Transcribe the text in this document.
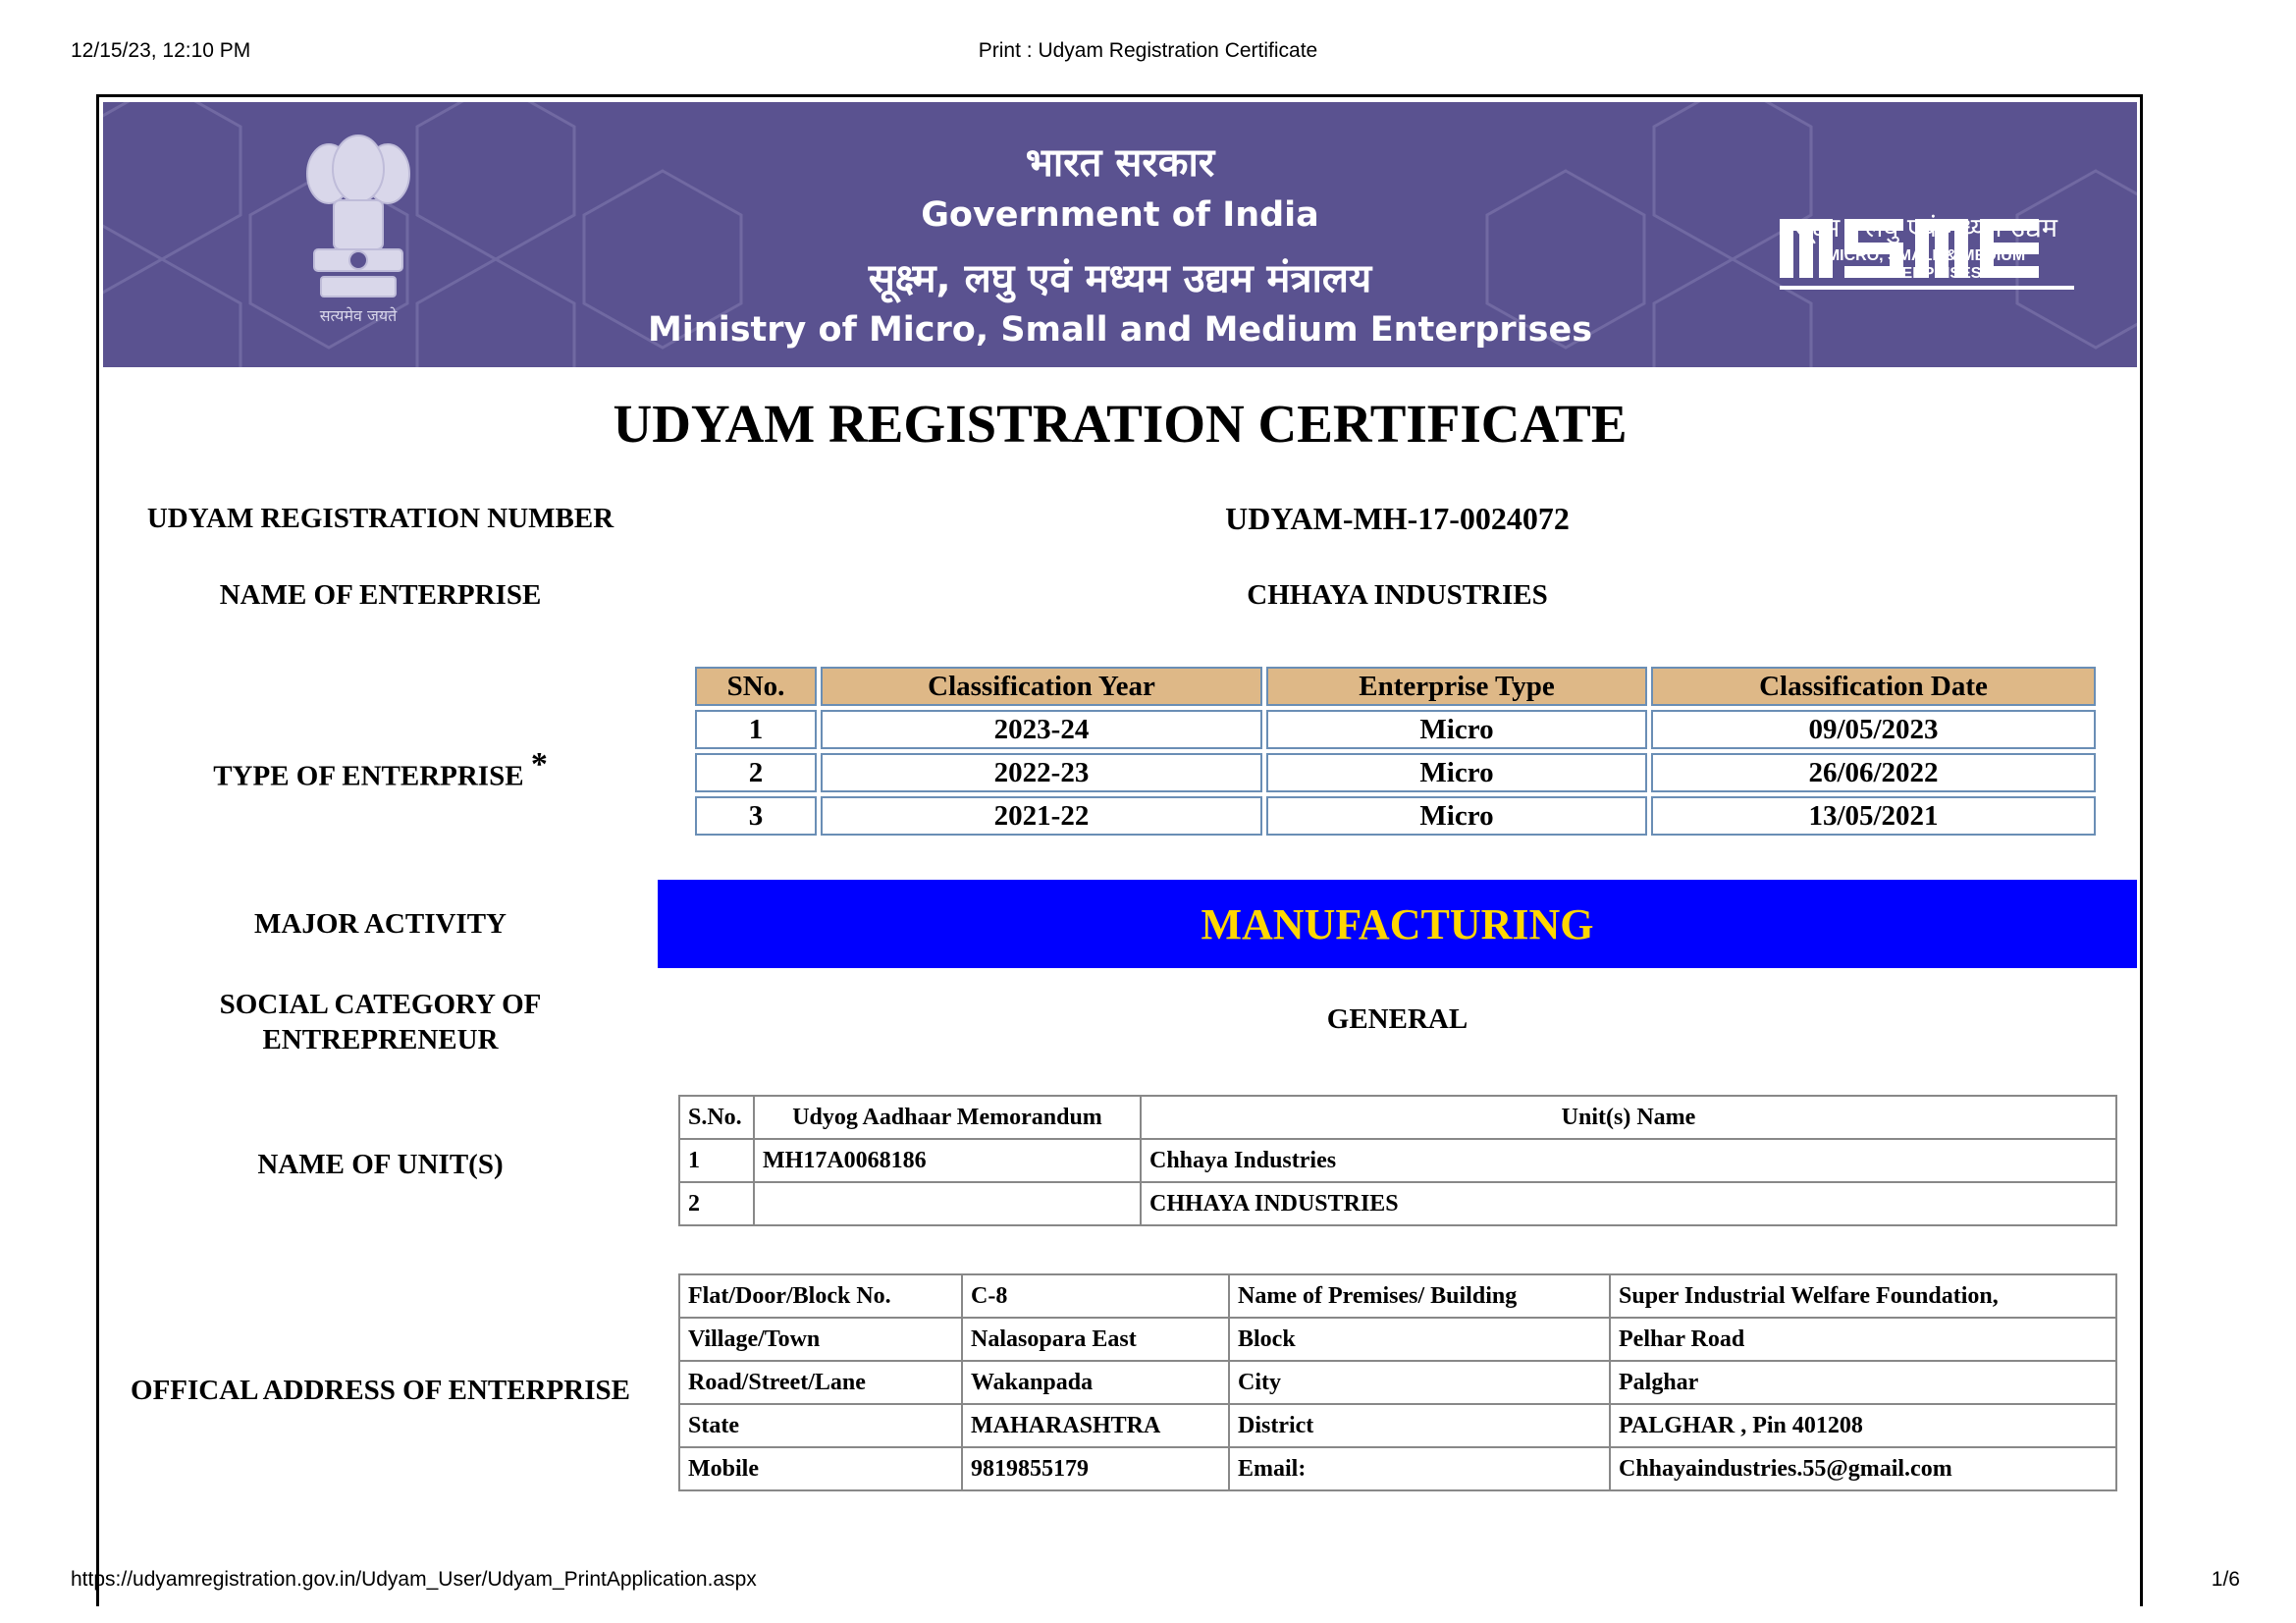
12/15/23, 12:10 PM	Print : Udyam Registration Certificate
https://udyamregistration.gov.in/Udyam_User/Udyam_PrintApplication.aspx	1/6
सत्यमेव जयते
भारत सरकार
Government of India
सूक्ष्म, लघु एवं मध्यम उद्यम मंत्रालय
Ministry of Micro, Small and Medium Enterprises
सूक्ष्म , लघु एवं मध्यम उद्यम
MICRO, SMALL & MEDIUM ENTERPRISES
UDYAM REGISTRATION CERTIFICATE
UDYAM REGISTRATION NUMBER	UDYAM-MH-17-0024072
NAME OF ENTERPRISE	CHHAYA INDUSTRIES
TYPE OF ENTERPRISE *
SNo.	Classification Year	Enterprise Type	Classification Date
1	2023-24	Micro	09/05/2023
2	2022-23	Micro	26/06/2022
3	2021-22	Micro	13/05/2021
MAJOR ACTIVITY	MANUFACTURING
SOCIAL CATEGORY OF
ENTREPRENEUR
GENERAL
NAME OF UNIT(S)
S.No.	Udyog Aadhaar Memorandum	Unit(s) Name
1	MH17A0068186	Chhaya Industries
2		CHHAYA INDUSTRIES
OFFICAL ADDRESS OF ENTERPRISE
Flat/Door/Block No.	C-8	Name of Premises/ Building	Super Industrial Welfare Foundation,
Village/Town	Nalasopara East	Block	Pelhar Road
Road/Street/Lane	Wakanpada	City	Palghar
State	MAHARASHTRA	District	PALGHAR , Pin 401208
Mobile	9819855179	Email:	Chhayaindustries.55@gmail.com
